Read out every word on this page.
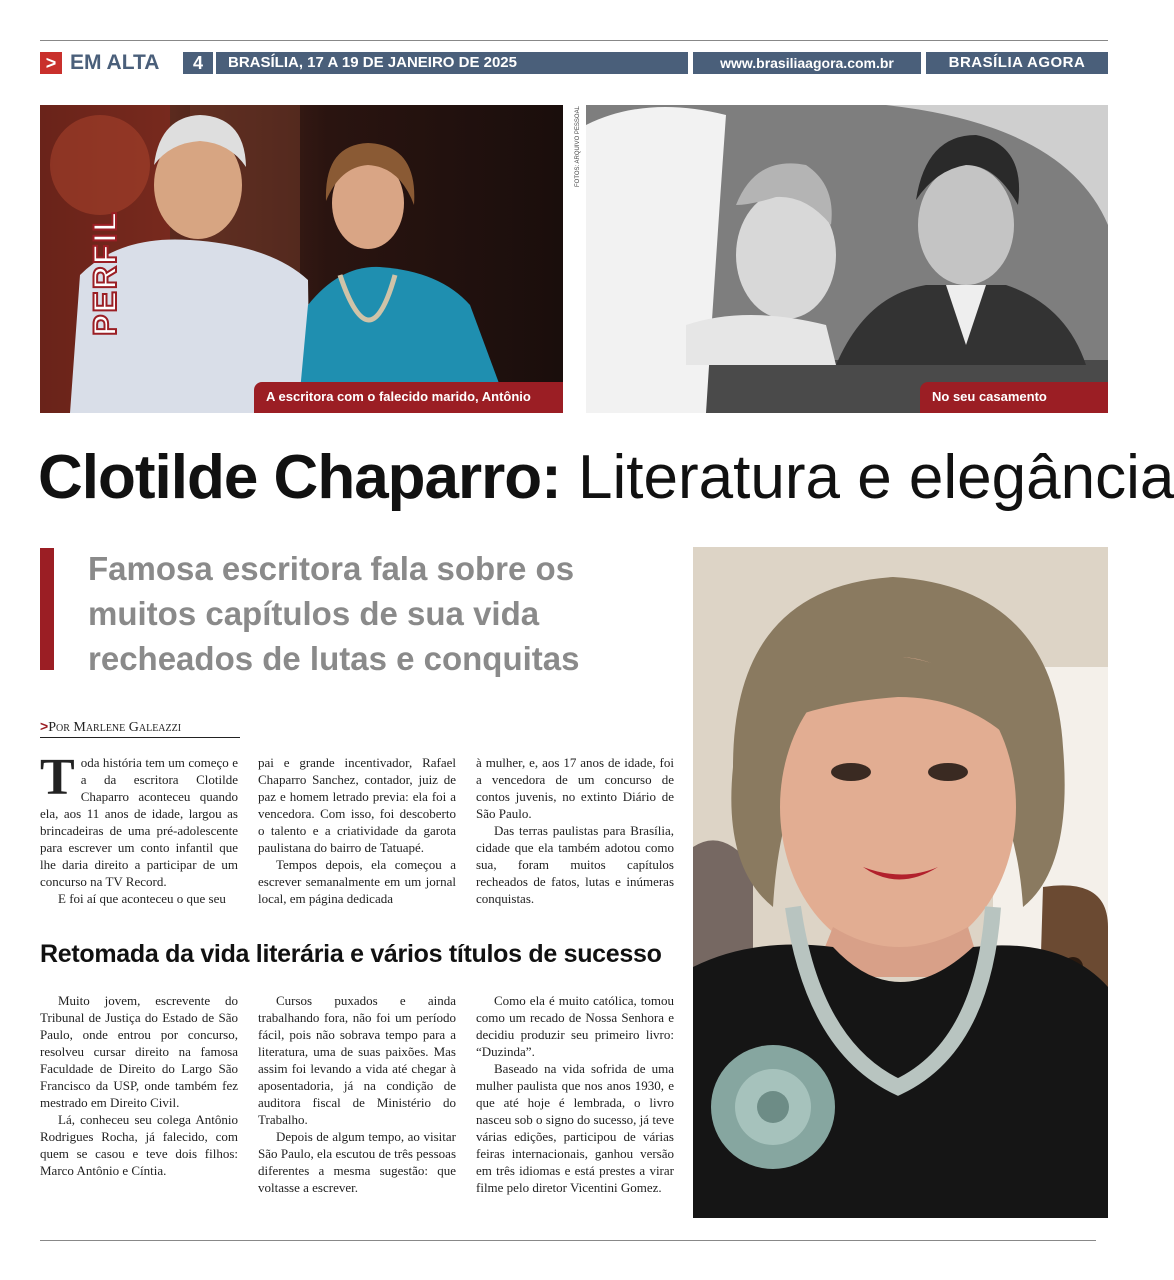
> EM ALTA	4	BRASÍLIA, 17 A 19 DE JANEIRO DE 2025	www.brasiliaagora.com.br	BRASÍLIA AGORA
PERFIL
A escritora com o falecido marido, Antônio Rocha
FOTOS: ARQUIVO PESSOAL
No seu casamento
Clotilde Chaparro: Literatura e elegância
Famosa escritora fala sobre os muitos capítulos de sua vida recheados de lutas e conquitas
>Por Marlene Galeazzi

Toda história tem um começo e a da escritora Clotilde Chaparro aconteceu quando ela, aos 11 anos de idade, largou as brincadeiras de uma pré-adolescente para escrever um conto infantil que lhe daria direito a participar de um concurso na TV Record.

E foi aí que aconteceu o que seu

pai e grande incentivador, Rafael Chaparro Sanchez, contador, juiz de paz e homem letrado previa: ela foi a vencedora. Com isso, foi descoberto o talento e a criatividade da garota paulistana do bairro de Tatuapé.

Tempos depois, ela começou a escrever semanalmente em um jornal local, em página dedicada

à mulher, e, aos 17 anos de idade, foi a vencedora de um concurso de contos juvenis, no extinto Diário de São Paulo.

Das terras paulistas para Brasília, cidade que ela também adotou como sua, foram muitos capítulos recheados de fatos, lutas e inúmeras conquistas.

Retomada da vida literária e vários títulos de sucesso

Muito jovem, escrevente do Tribunal de Justiça do Estado de São Paulo, onde entrou por concurso, resolveu cursar direito na famosa Faculdade de Direito do Largo São Francisco da USP, onde também fez mestrado em Direito Civil.

Lá, conheceu seu colega Antônio Rodrigues Rocha, já falecido, com quem se casou e teve dois filhos: Marco Antônio e Cíntia.

Cursos puxados e ainda trabalhando fora, não foi um período fácil, pois não sobrava tempo para a literatura, uma de suas paixões. Mas assim foi levando a vida até chegar à aposentadoria, já na condição de auditora fiscal de Ministério do Trabalho.

Depois de algum tempo, ao visitar São Paulo, ela escutou de três pessoas diferentes a mesma sugestão: que voltasse a escrever.

Como ela é muito católica, tomou como um recado de Nossa Senhora e decidiu produzir seu primeiro livro: “Duzinda”.

Baseado na vida sofrida de uma mulher paulista que nos anos 1930, e que até hoje é lembrada, o livro nasceu sob o signo do sucesso, já teve várias edições, participou de várias feiras internacionais, ganhou versão em três idiomas e está prestes a virar filme pelo diretor Vicentini Gomez.
